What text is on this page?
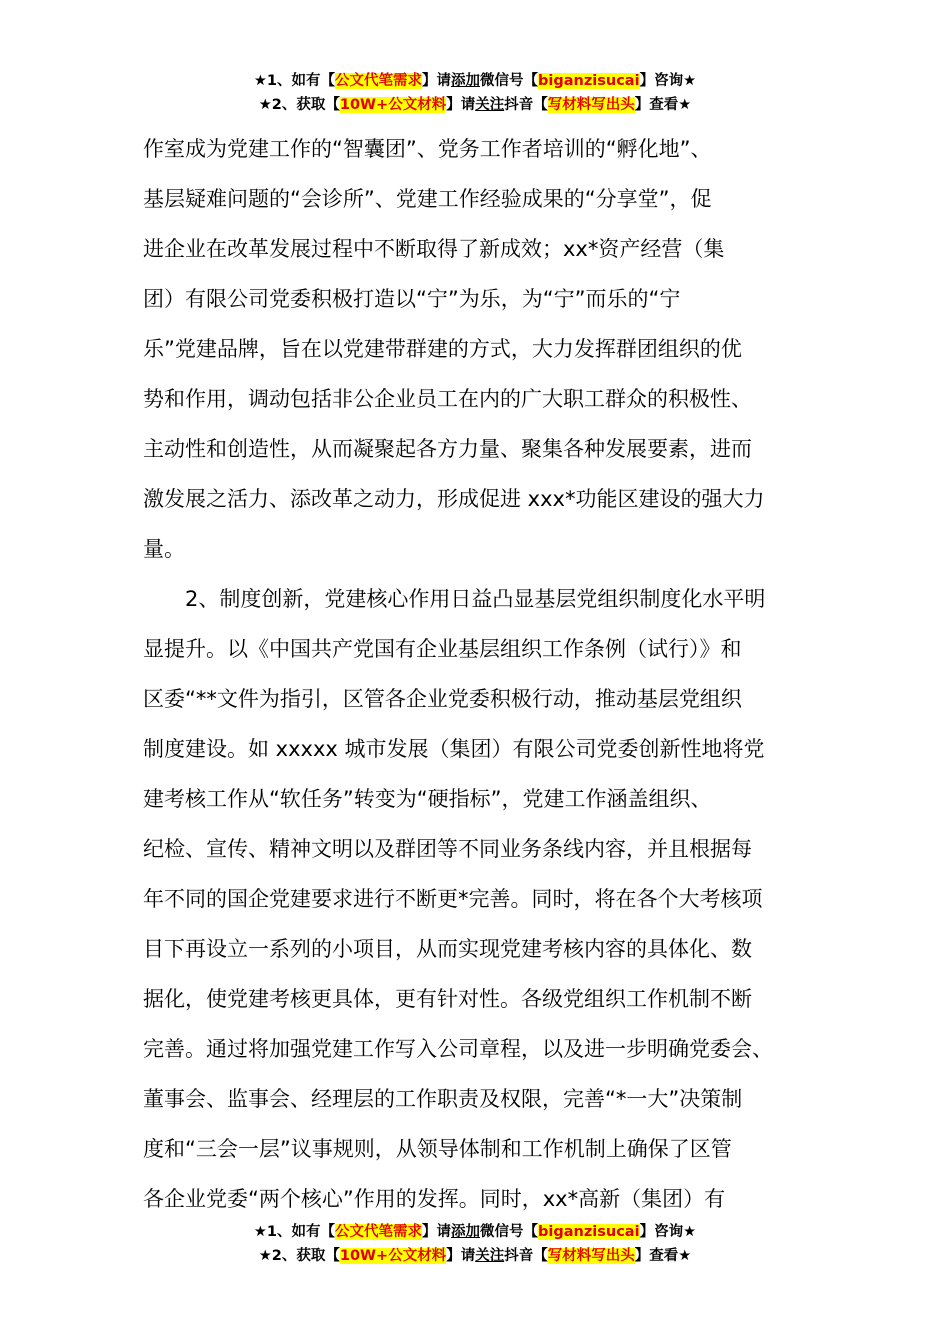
★1、如有【公文代笔需求】请添加微信号【biganzisucai】咨询★
★2、获取【10W+公文材料】请关注抖音【写材料写出头】查看★
作室成为党建工作的“智囊团”、党务工作者培训的“孵化地”、
基层疑难问题的“会诊所”、党建工作经验成果的“分享堂”，促
进企业在改革发展过程中不断取得了新成效；xx*资产经营（集
团）有限公司党委积极打造以“宁”为乐，为“宁”而乐的“宁
乐”党建品牌，旨在以党建带群建的方式，大力发挥群团组织的优
势和作用，调动包括非公企业员工在内的广大职工群众的积极性、
主动性和创造性，从而凝聚起各方力量、聚集各种发展要素，进而
激发展之活力、添改革之动力，形成促进 xxx*功能区建设的强大力
量。
2、制度创新，党建核心作用日益凸显基层党组织制度化水平明
显提升。以《中国共产党国有企业基层组织工作条例（试行）》和
区委“**文件为指引，区管各企业党委积极行动，推动基层党组织
制度建设。如 xxxxx 城市发展（集团）有限公司党委创新性地将党
建考核工作从“软任务”转变为“硬指标”，党建工作涵盖组织、
纪检、宣传、精神文明以及群团等不同业务条线内容，并且根据每
年不同的国企党建要求进行不断更*完善。同时，将在各个大考核项
目下再设立一系列的小项目，从而实现党建考核内容的具体化、数
据化，使党建考核更具体，更有针对性。各级党组织工作机制不断
完善。通过将加强党建工作写入公司章程，以及进一步明确党委会、
董事会、监事会、经理层的工作职责及权限，完善“*一大”决策制
度和“三会一层”议事规则，从领导体制和工作机制上确保了区管
各企业党委“两个核心”作用的发挥。同时，xx*高新（集团）有
★1、如有【公文代笔需求】请添加微信号【biganzisucai】咨询★
★2、获取【10W+公文材料】请关注抖音【写材料写出头】查看★
